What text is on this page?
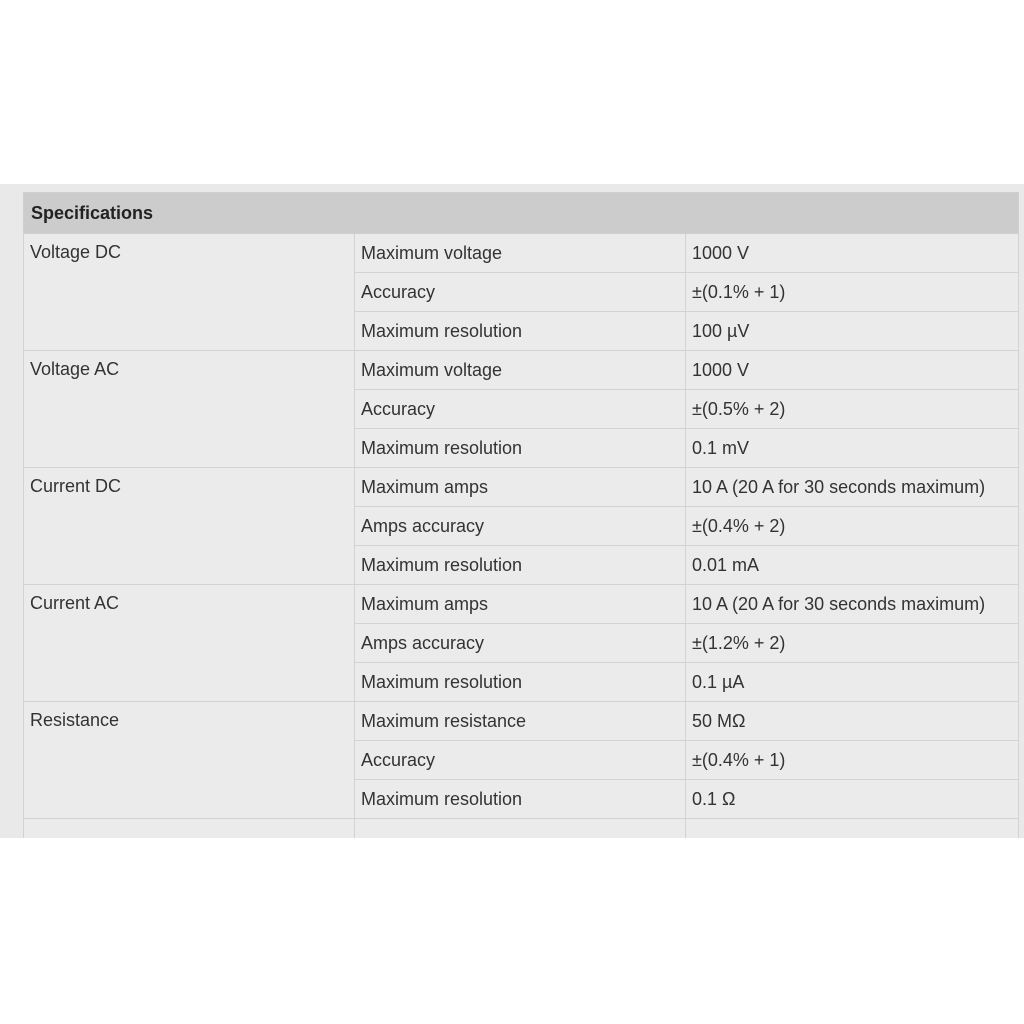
Specifications		
Voltage DC	Maximum voltage	1000 V
	Accuracy	±(0.1% + 1)
	Maximum resolution	100 µV
Voltage AC	Maximum voltage	1000 V
	Accuracy	±(0.5% + 2)
	Maximum resolution	0.1 mV
Current DC	Maximum amps	10 A (20 A for 30 seconds maximum)
	Amps accuracy	±(0.4% + 2)
	Maximum resolution	0.01 mA
Current AC	Maximum amps	10 A (20 A for 30 seconds maximum)
	Amps accuracy	±(1.2% + 2)
	Maximum resolution	0.1 µA
Resistance	Maximum resistance	50 MΩ
	Accuracy	±(0.4% + 1)
	Maximum resolution	0.1 Ω
